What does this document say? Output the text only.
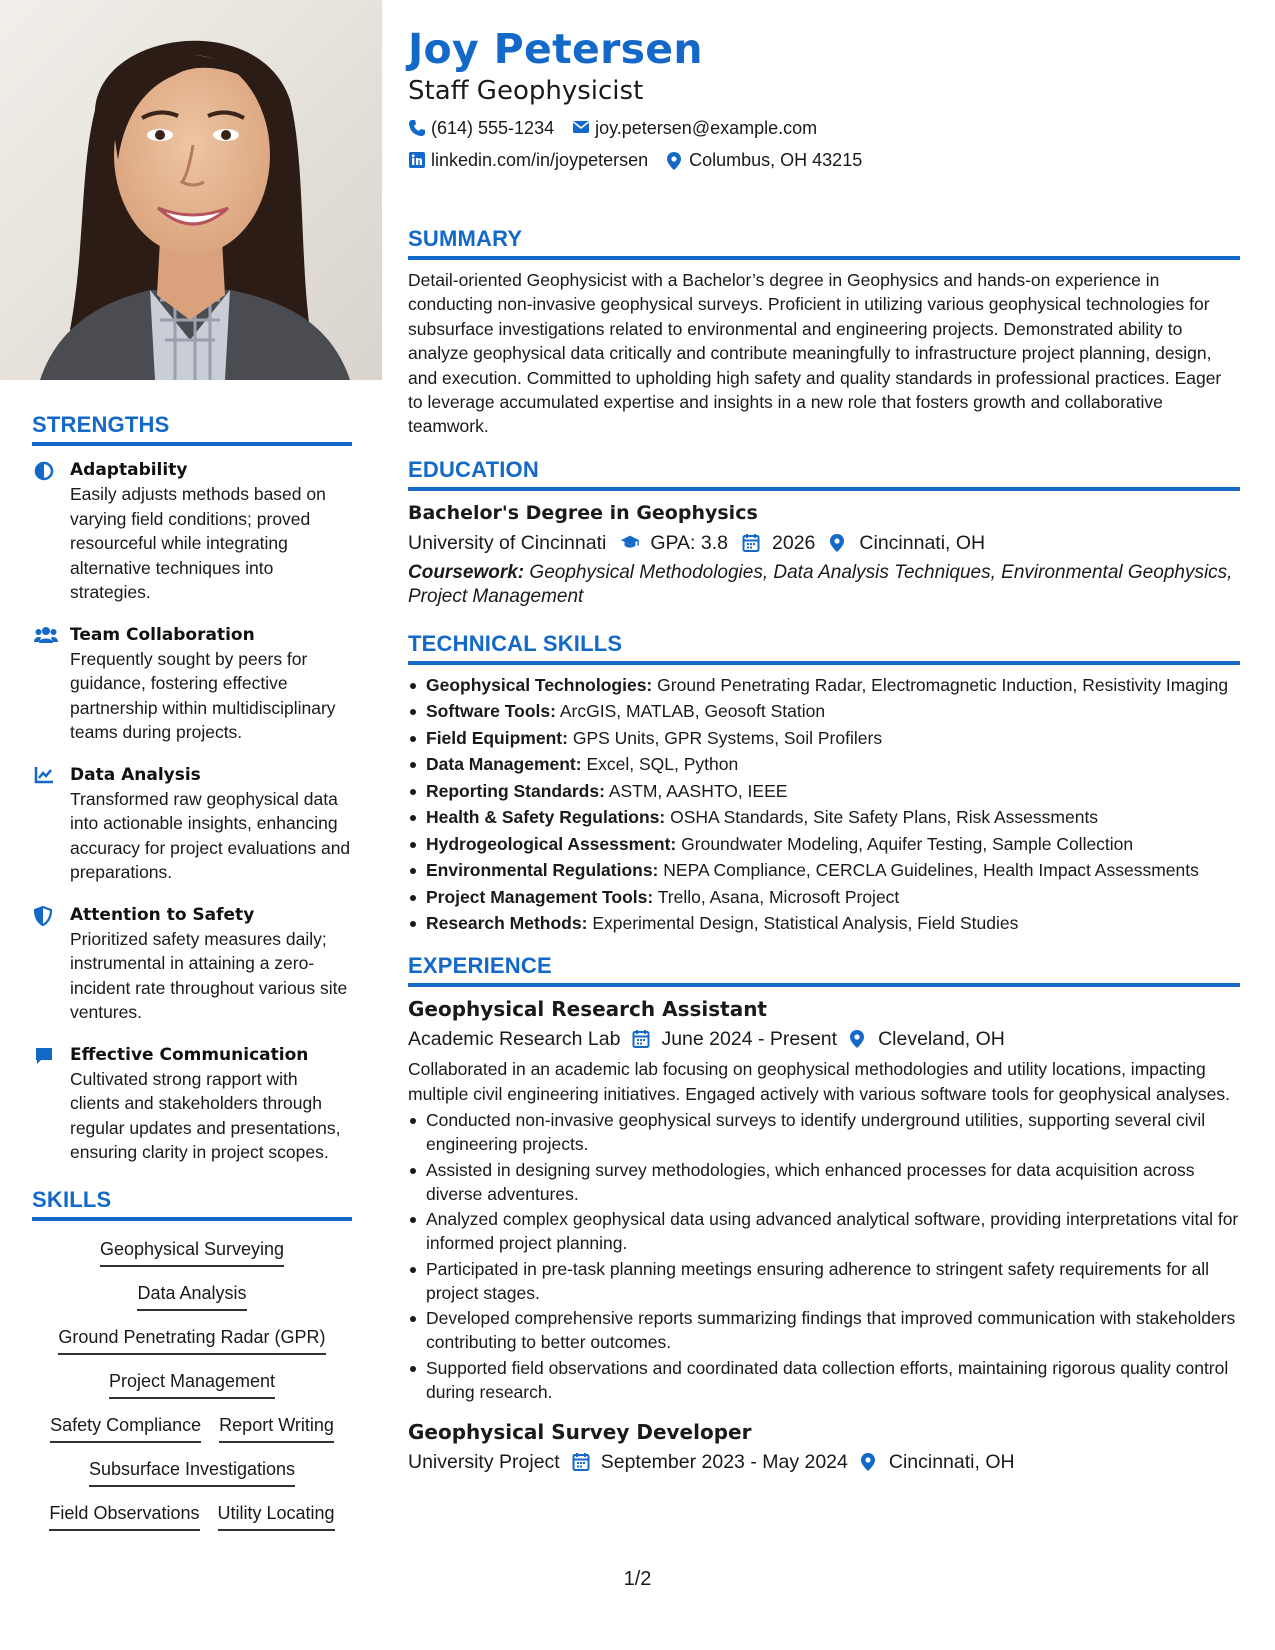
STRENGTHS
Adaptability
Easily adjusts methods based on varying field conditions; proved resourceful while integrating alternative techniques into strategies.
Team Collaboration
Frequently sought by peers for guidance, fostering effective partnership within multidisciplinary teams during projects.
Data Analysis
Transformed raw geophysical data into actionable insights, enhancing accuracy for project evaluations and preparations.
Attention to Safety
Prioritized safety measures daily; instrumental in attaining a zero-incident rate throughout various site ventures.
Effective Communication
Cultivated strong rapport with clients and stakeholders through regular updates and presentations, ensuring clarity in project scopes.
SKILLS
Geophysical Surveying
Data Analysis
Ground Penetrating Radar (GPR)
Project Management
Safety Compliance Report Writing
Subsurface Investigations
Field Observations Utility Locating
Joy Petersen
Staff Geophysicist
(614) 555-1234 joy.petersen@example.com
linkedin.com/in/joypetersen Columbus, OH 43215
SUMMARY
Detail-oriented Geophysicist with a Bachelor’s degree in Geophysics and hands-on experience in conducting non-invasive geophysical surveys. Proficient in utilizing various geophysical technologies for subsurface investigations related to environmental and engineering projects. Demonstrated ability to analyze geophysical data critically and contribute meaningfully to infrastructure project planning, design, and execution. Committed to upholding high safety and quality standards in professional practices. Eager to leverage accumulated expertise and insights in a new role that fosters growth and collaborative teamwork.
EDUCATION
Bachelor's Degree in Geophysics
University of Cincinnati GPA: 3.8 2026 Cincinnati, OH
Coursework: Geophysical Methodologies, Data Analysis Techniques, Environmental Geophysics, Project Management
TECHNICAL SKILLS
Geophysical Technologies: Ground Penetrating Radar, Electromagnetic Induction, Resistivity Imaging
Software Tools: ArcGIS, MATLAB, Geosoft Station
Field Equipment: GPS Units, GPR Systems, Soil Profilers
Data Management: Excel, SQL, Python
Reporting Standards: ASTM, AASHTO, IEEE
Health & Safety Regulations: OSHA Standards, Site Safety Plans, Risk Assessments
Hydrogeological Assessment: Groundwater Modeling, Aquifer Testing, Sample Collection
Environmental Regulations: NEPA Compliance, CERCLA Guidelines, Health Impact Assessments
Project Management Tools: Trello, Asana, Microsoft Project
Research Methods: Experimental Design, Statistical Analysis, Field Studies
EXPERIENCE
Geophysical Research Assistant
Academic Research Lab June 2024 - Present Cleveland, OH
Collaborated in an academic lab focusing on geophysical methodologies and utility locations, impacting multiple civil engineering initiatives. Engaged actively with various software tools for geophysical analyses.
Conducted non-invasive geophysical surveys to identify underground utilities, supporting several civil engineering projects.
Assisted in designing survey methodologies, which enhanced processes for data acquisition across diverse adventures.
Analyzed complex geophysical data using advanced analytical software, providing interpretations vital for informed project planning.
Participated in pre-task planning meetings ensuring adherence to stringent safety requirements for all project stages.
Developed comprehensive reports summarizing findings that improved communication with stakeholders contributing to better outcomes.
Supported field observations and coordinated data collection efforts, maintaining rigorous quality control during research.
Geophysical Survey Developer
University Project September 2023 - May 2024 Cincinnati, OH
1/2
